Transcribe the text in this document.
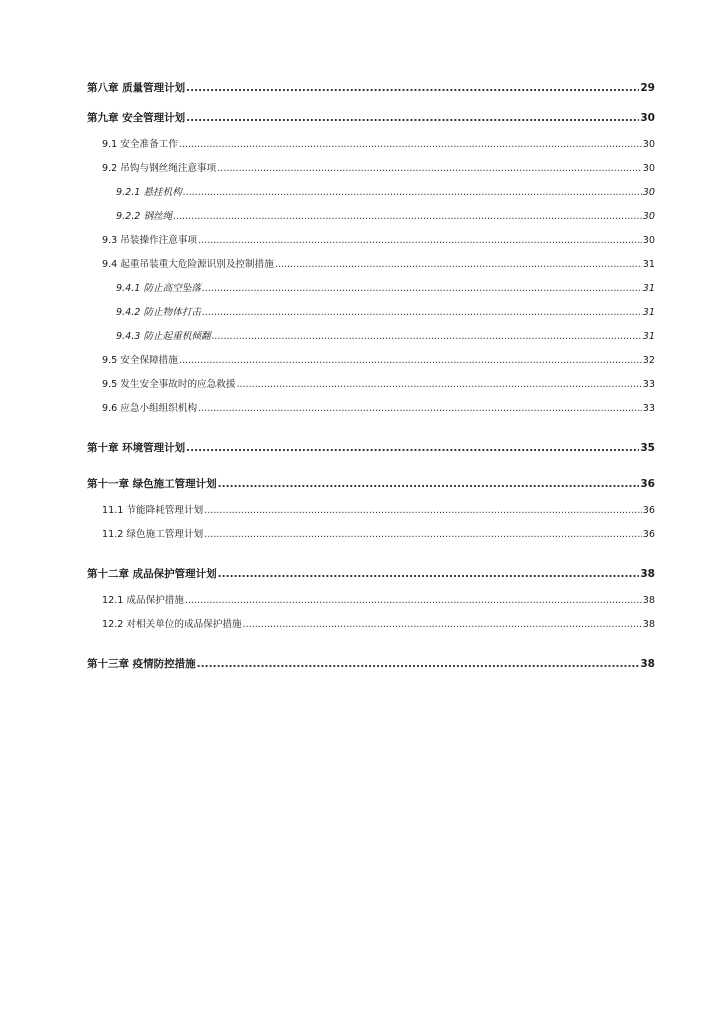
第八章 质量管理计划 .....	29
第九章 安全管理计划 .....	30
9.1 安全准备工作 .....	30
9.2 吊钩与钢丝绳注意事项 .....	30
9.2.1 悬挂机构 .....	30
9.2.2 钢丝绳 .....	30
9.3 吊装操作注意事项 .....	30
9.4 起重吊装重大危险源识别及控制措施 .....	31
9.4.1 防止高空坠落 .....	31
9.4.2 防止物体打击 .....	31
9.4.3 防止起重机倾翻 .....	31
9.5 安全保障措施 .....	32
9.5 发生安全事故时的应急救援 .....	33
9.6 应急小组组织机构 .....	33
第十章 环境管理计划 .....	35
第十一章 绿色施工管理计划 .....	36
11.1 节能降耗管理计划 .....	36
11.2 绿色施工管理计划 .....	36
第十二章 成品保护管理计划 .....	38
12.1 成品保护措施 .....	38
12.2 对相关单位的成品保护措施 .....	38
第十三章 疫情防控措施 .....	38
